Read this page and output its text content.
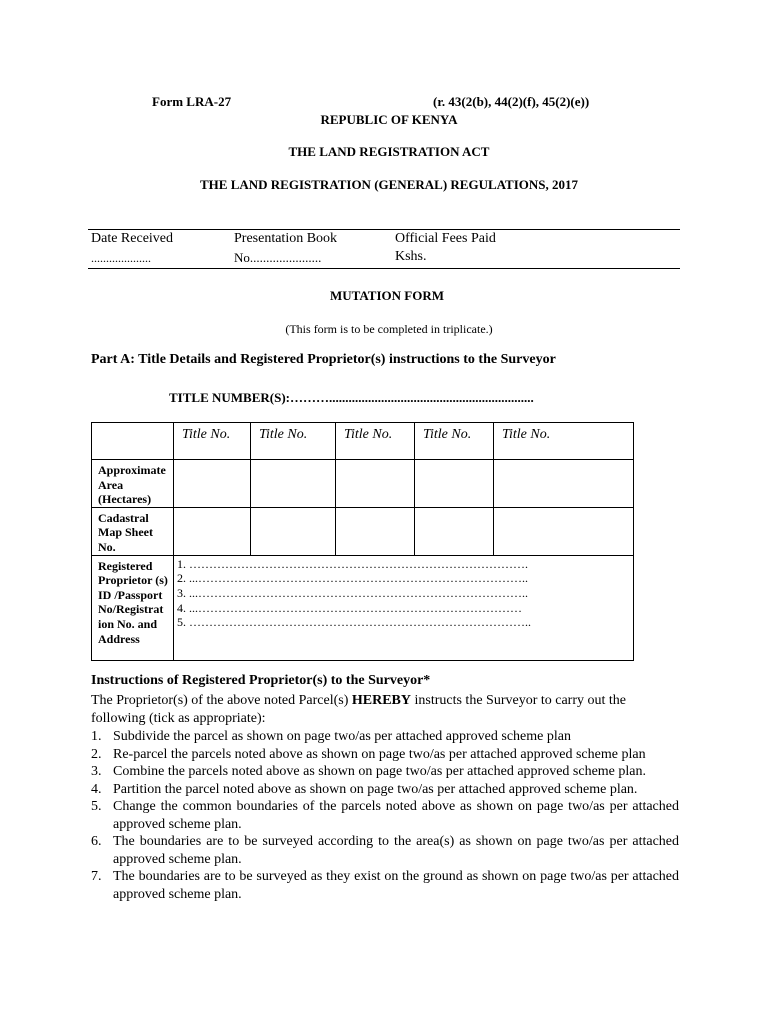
Form LRA-27	(r. 43(2(b), 44(2)(f), 45(2)(e))
REPUBLIC OF KENYA
THE LAND REGISTRATION ACT
THE LAND REGISTRATION (GENERAL) REGULATIONS, 2017
Date Received
....................
Presentation Book
No......................
Official Fees Paid
Kshs.
MUTATION FORM
(This form is to be completed in triplicate.)
Part A: Title Details and Registered Proprietor(s) instructions to the Surveyor
TITLE NUMBER(S):………...............................................................
	Title No.	Title No.	Title No.	Title No.	Title No.
Approximate Area (Hectares)					
Cadastral Map Sheet No.					
Registered Proprietor (s) ID /Passport No/Registrat ion No. and Address	1. ………………………………………………………………………….
2. ...………………………………………………………………………..
3. ...………………………………………………………………………..
4. ...………………………………………………………………………
5. …………………………………………………………………………..				
Instructions of Registered Proprietor(s) to the Surveyor*
The Proprietor(s) of the above noted Parcel(s) HEREBY instructs the Surveyor to carry out the following (tick as appropriate):
1. Subdivide the parcel as shown on page two/as per attached approved scheme plan
2. Re-parcel the parcels noted above as shown on page two/as per attached approved scheme plan
3. Combine the parcels noted above as shown on page two/as per attached approved scheme plan.
4. Partition the parcel noted above as shown on page two/as per attached approved scheme plan.
5. Change the common boundaries of the parcels noted above as shown on page two/as per attached approved scheme plan.
6. The boundaries are to be surveyed according to the area(s) as shown on page two/as per attached approved scheme plan.
7. The boundaries are to be surveyed as they exist on the ground as shown on page two/as per attached approved scheme plan.
